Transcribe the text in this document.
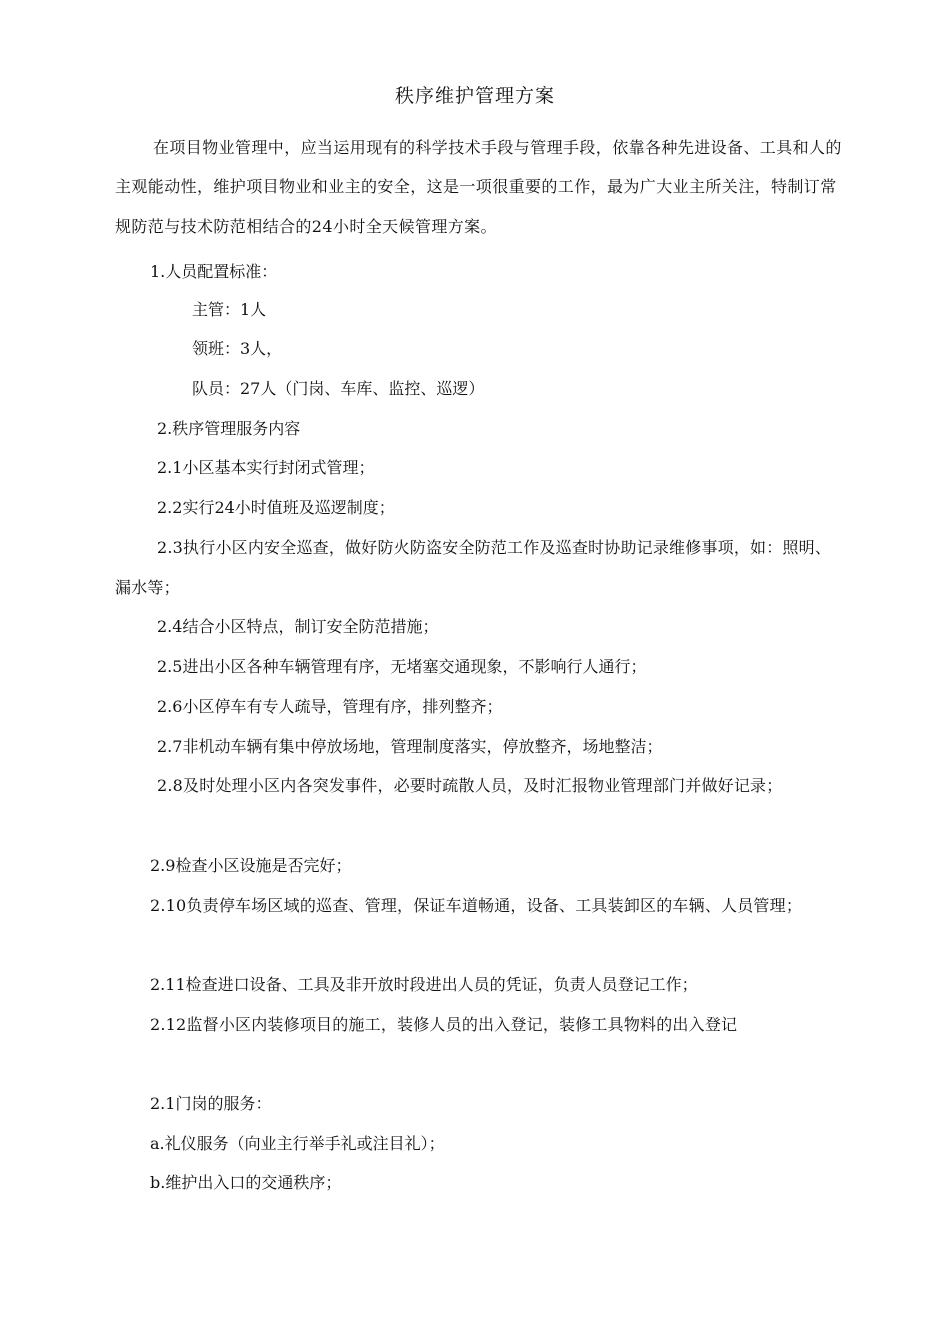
秩序维护管理方案

在项目物业管理中，应当运用现有的科学技术手段与管理手段，依靠各种先进设备、工具和人的主观能动性，维护项目物业和业主的安全，这是一项很重要的工作，最为广大业主所关注，特制订常规防范与技术防范相结合的24小时全天候管理方案。

1.人员配置标准：
主管：1人
领班：3人，
队员：27人（门岗、车库、监控、巡逻）
2.秩序管理服务内容
2.1小区基本实行封闭式管理；
2.2实行24小时值班及巡逻制度；

2.3执行小区内安全巡查，做好防火防盗安全防范工作及巡查时协助记录维修事项，如：照明、漏水等；

2.4结合小区特点，制订安全防范措施；
2.5进出小区各种车辆管理有序，无堵塞交通现象，不影响行人通行；
2.6小区停车有专人疏导，管理有序，排列整齐；
2.7非机动车辆有集中停放场地，管理制度落实，停放整齐，场地整洁；

2.8及时处理小区内各突发事件，必要时疏散人员，及时汇报物业管理部门并做好记录；

2.9检查小区设施是否完好；

2.10负责停车场区域的巡查、管理，保证车道畅通，设备、工具装卸区的车辆、人员管理；

2.11检查进口设备、工具及非开放时段进出人员的凭证，负责人员登记工作；

2.12监督小区内装修项目的施工，装修人员的出入登记，装修工具物料的出入登记

2.1门岗的服务：
a.礼仪服务（向业主行举手礼或注目礼）；
b.维护出入口的交通秩序；
